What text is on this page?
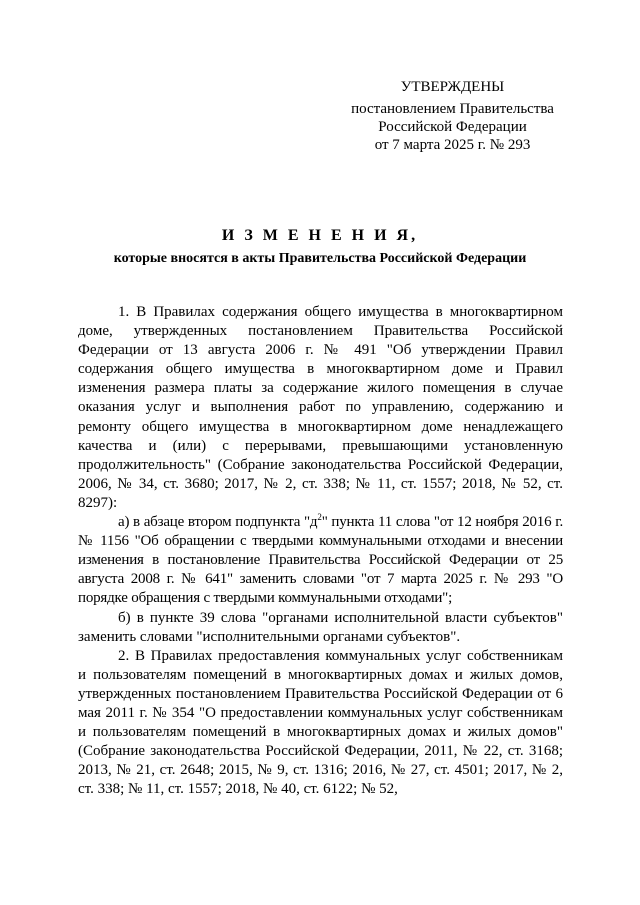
УТВЕРЖДЕНЫ
постановлением Правительства
Российской Федерации
от 7 марта 2025 г. № 293
И З М Е Н Е Н И Я,
которые вносятся в акты Правительства Российской Федерации

1. В Правилах содержания общего имущества в многоквартирном доме, утвержденных постановлением Правительства Российской Федерации от 13 августа 2006 г. № 491 "Об утверждении Правил содержания общего имущества в многоквартирном доме и Правил изменения размера платы за содержание жилого помещения в случае оказания услуг и выполнения работ по управлению, содержанию и ремонту общего имущества в многоквартирном доме ненадлежащего качества и (или) с перерывами, превышающими установленную продолжительность" (Собрание законодательства Российской Федерации, 2006, № 34, ст. 3680; 2017, № 2, ст. 338; № 11, ст. 1557; 2018, № 52, ст. 8297):

а) в абзаце втором подпункта "$д^2$" пункта 11 слова "от 12 ноября 2016 г. № 1156 "Об обращении с твердыми коммунальными отходами и внесении изменения в постановление Правительства Российской Федерации от 25 августа 2008 г. № 641" заменить словами "от 7 марта 2025 г. № 293 "О порядке обращения с твердыми коммунальными отходами";

б) в пункте 39 слова "органами исполнительной власти субъектов" заменить словами "исполнительными органами субъектов".

2. В Правилах предоставления коммунальных услуг собственникам и пользователям помещений в многоквартирных домах и жилых домов, утвержденных постановлением Правительства Российской Федерации от 6 мая 2011 г. № 354 "О предоставлении коммунальных услуг собственникам и пользователям помещений в многоквартирных домах и жилых домов" (Собрание законодательства Российской Федерации, 2011, № 22, ст. 3168; 2013, № 21, ст. 2648; 2015, № 9, ст. 1316; 2016, № 27, ст. 4501; 2017, № 2, ст. 338; № 11, ст. 1557; 2018, № 40, ст. 6122; № 52,
